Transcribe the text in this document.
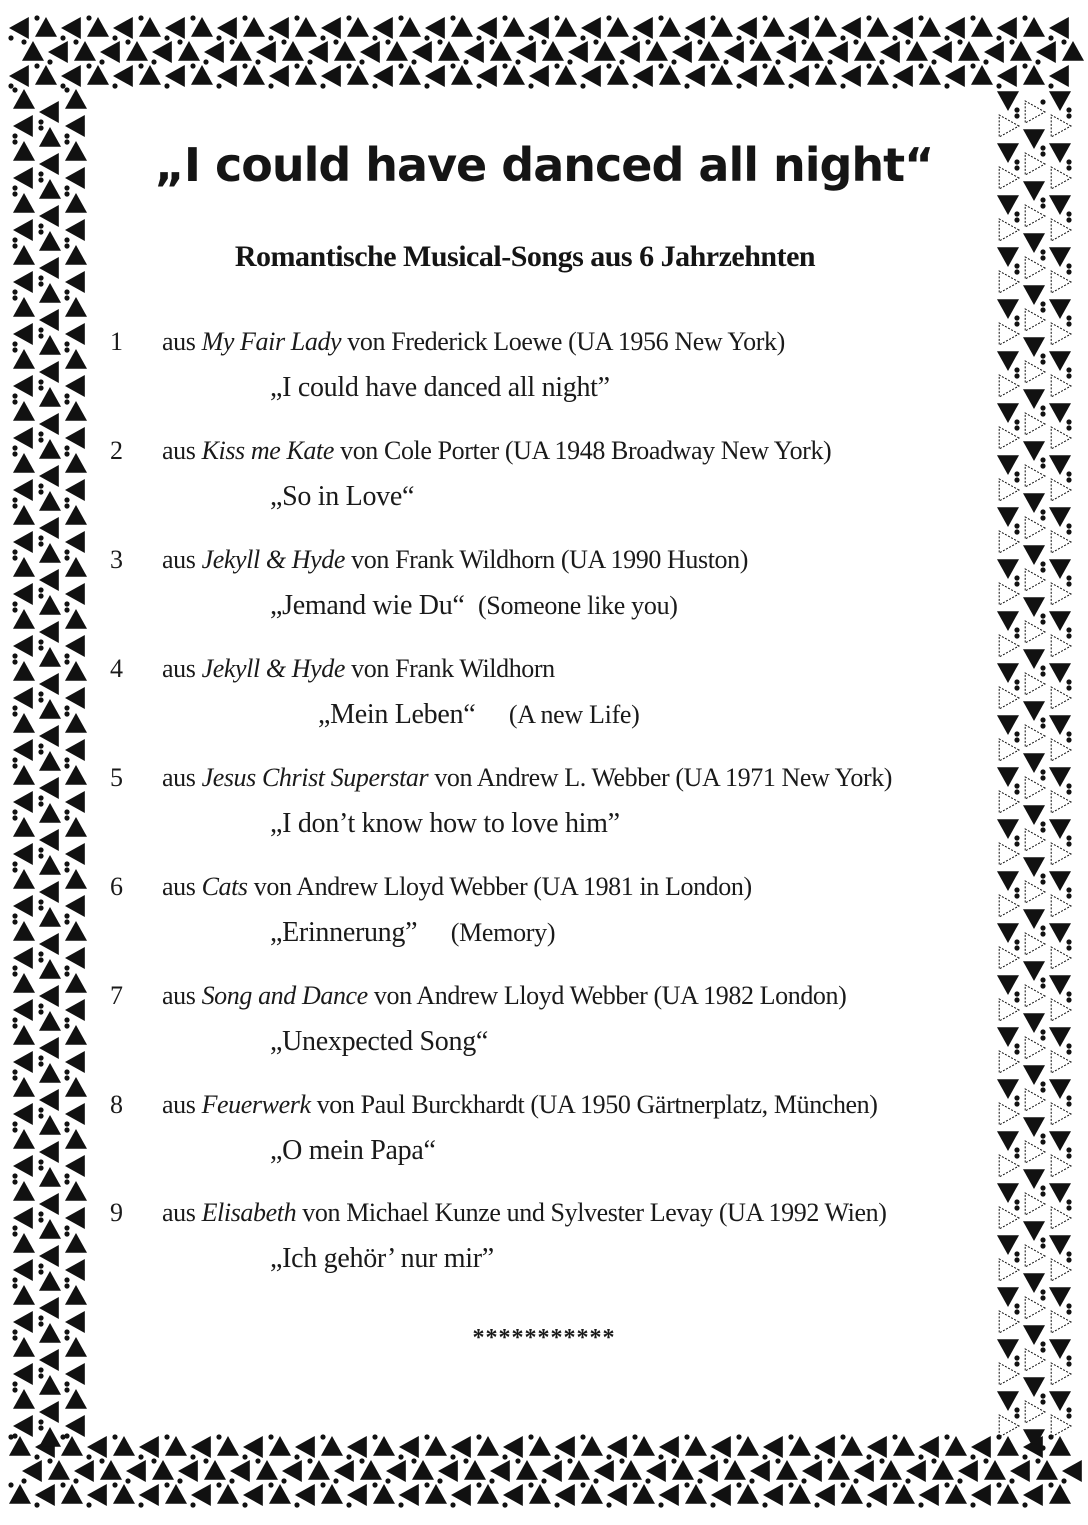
„I could have danced all night“
Romantische Musical-Songs aus 6 Jahrzehnten
1 aus My Fair Lady von Frederick Loewe (UA 1956 New York)
„I could have danced all night”
2 aus Kiss me Kate von Cole Porter (UA 1948 Broadway New York)
„So in Love“
3 aus Jekyll & Hyde von Frank Wildhorn (UA 1990 Huston)
„Jemand wie Du“ (Someone like you)
4 aus Jekyll & Hyde von Frank Wildhorn
„Mein Leben“ (A new Life)
5 aus Jesus Christ Superstar von Andrew L. Webber (UA 1971 New York)
„I don’t know how to love him”
6 aus Cats von Andrew Lloyd Webber (UA 1981 in London)
„Erinnerung” (Memory)
7 aus Song and Dance von Andrew Lloyd Webber (UA 1982 London)
„Unexpected Song“
8 aus Feuerwerk von Paul Burckhardt (UA 1950 Gärtnerplatz, München)
„O mein Papa“
9 aus Elisabeth von Michael Kunze und Sylvester Levay (UA 1992 Wien)
„Ich gehör’ nur mir”
***********
